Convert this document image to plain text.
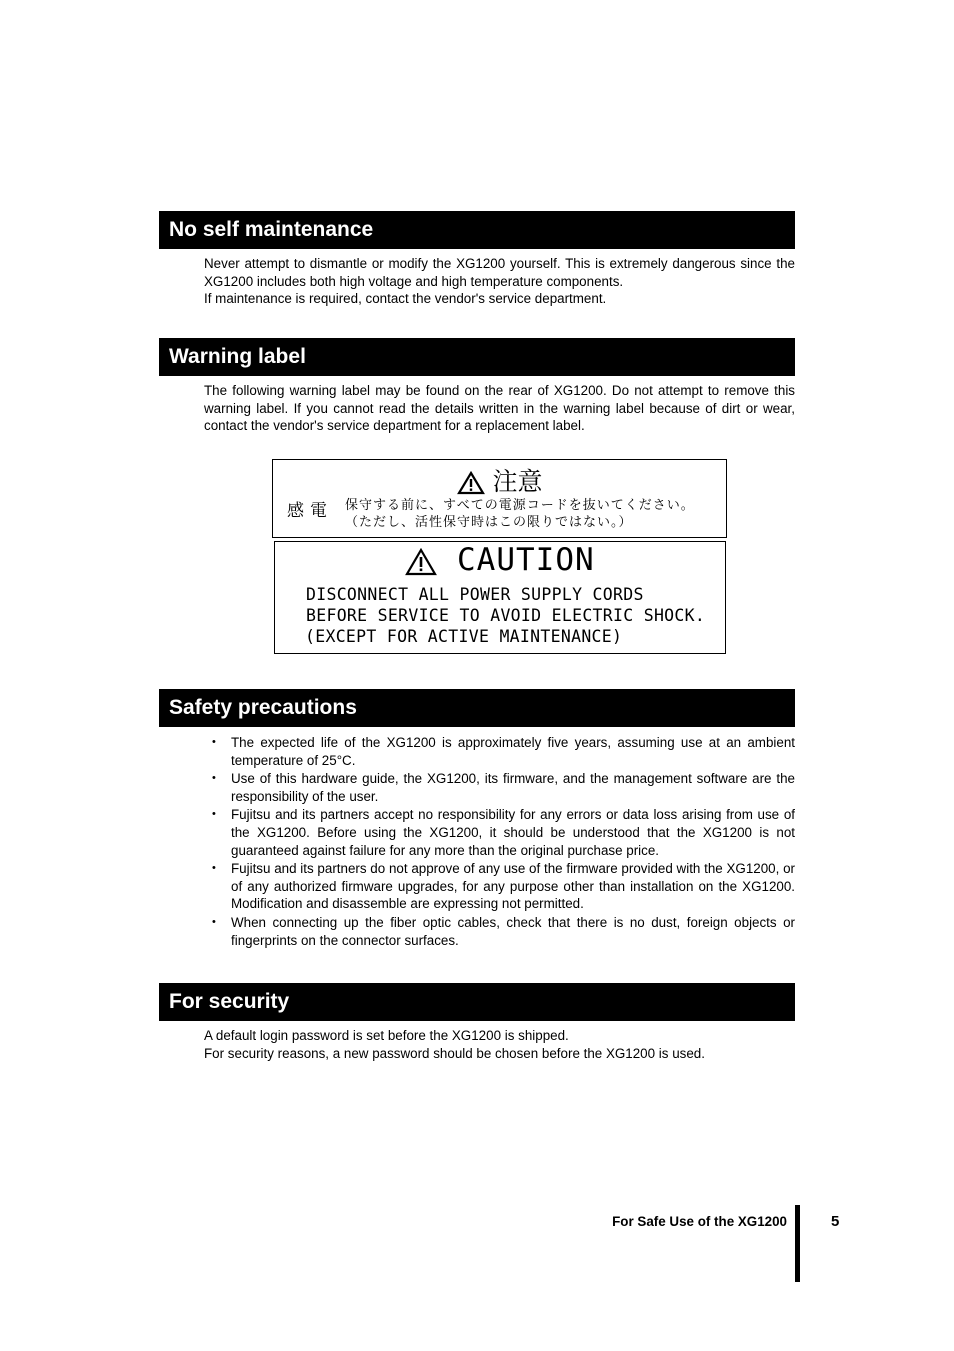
No self maintenance

Never attempt to dismantle or modify the XG1200 yourself. This is extremely dangerous since the XG1200 includes both high voltage and high temperature components.

If maintenance is required, contact the vendor's service department.

Warning label

The following warning label may be found on the rear of XG1200. Do not attempt to remove this warning label. If you cannot read the details written in the warning label because of dirt or wear, contact the vendor's service department for a replacement label.

注意
感電 保守する前に、すべての電源コードを抜いてください。
（ただし、活性保守時はこの限りではない。）
CAUTION
DISCONNECT ALL POWER SUPPLY CORDS
BEFORE SERVICE TO AVOID ELECTRIC SHOCK.
(EXCEPT FOR ACTIVE MAINTENANCE)
Safety precautions
• The expected life of the XG1200 is approximately five years, assuming use at an ambient temperature of 25°C.
• Use of this hardware guide, the XG1200, its firmware, and the management software are the responsibility of the user.
• Fujitsu and its partners accept no responsibility for any errors or data loss arising from use of the XG1200. Before using the XG1200, it should be understood that the XG1200 is not guaranteed against failure for any more than the original purchase price.
• Fujitsu and its partners do not approve of any use of the firmware provided with the XG1200, or of any authorized firmware upgrades, for any purpose other than installation on the XG1200. Modification and disassemble are expressing not permitted.
• When connecting up the fiber optic cables, check that there is no dust, foreign objects or fingerprints on the connector surfaces.
For security

A default login password is set before the XG1200 is shipped.

For security reasons, a new password should be chosen before the XG1200 is used.

For Safe Use of the XG1200	5
